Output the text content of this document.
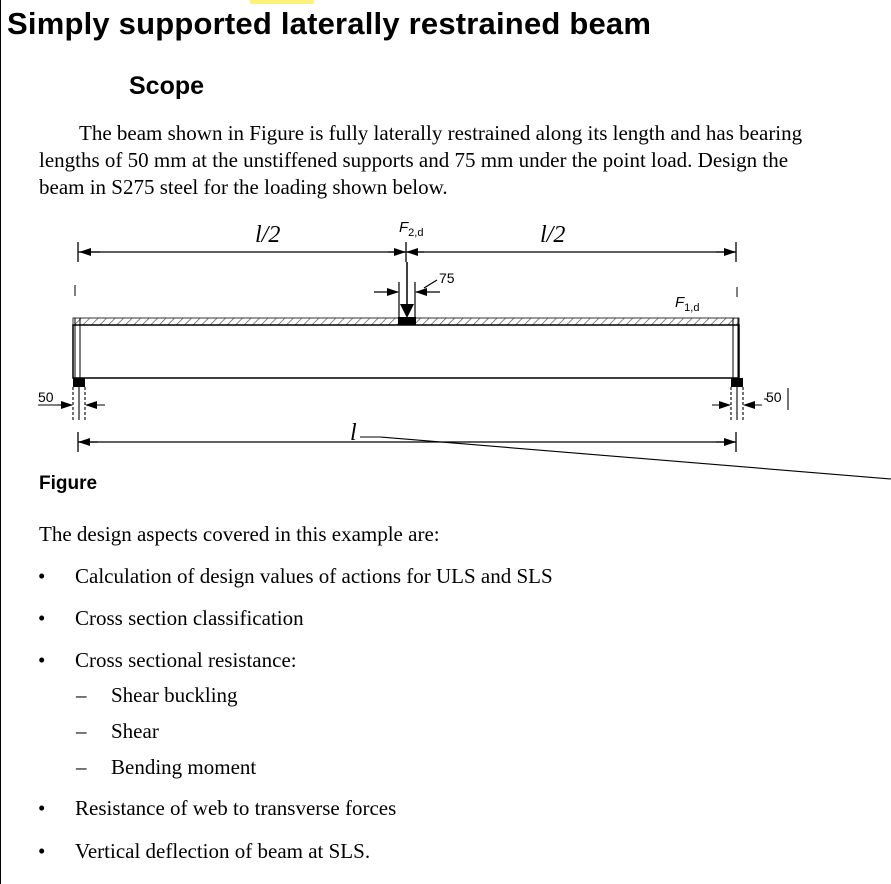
Simply supported laterally restrained beam
Scope

The beam shown in Figure is fully laterally restrained along its length and has bearing lengths of 50 mm at the unstiffened supports and 75 mm under the point load. Design the beam in S275 steel for the loading shown below.

l/2	l/2
$F_{2,d}$
75
$F_{1,d}$
50	50
l

Figure

The design aspects covered in this example are:

• Calculation of design values of actions for ULS and SLS
• Cross section classification
• Cross sectional resistance:
– Shear buckling
– Shear
– Bending moment
• Resistance of web to transverse forces
• Vertical deflection of beam at SLS.
